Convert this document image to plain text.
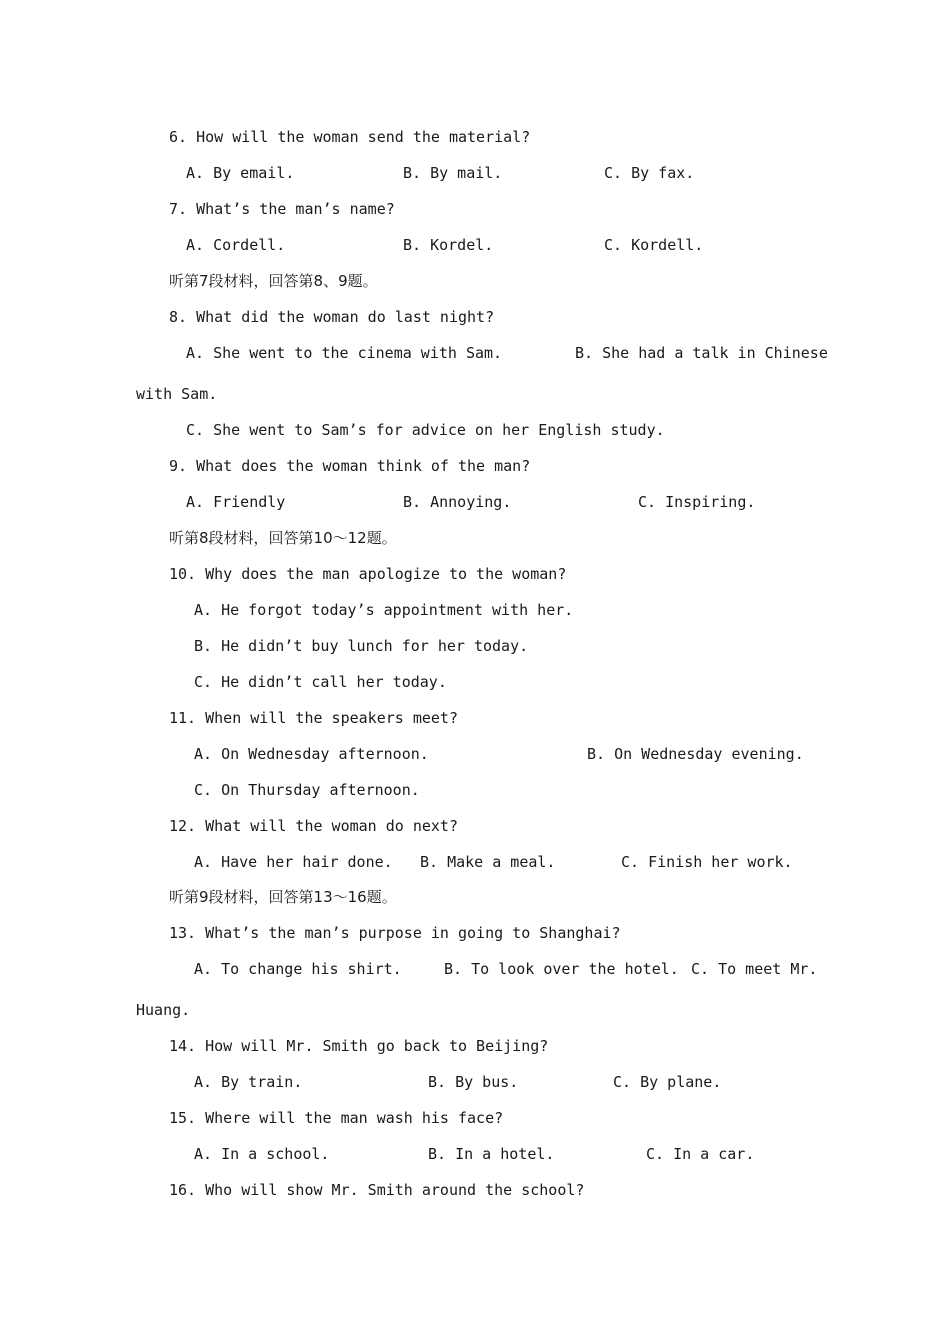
6. How will the woman send the material?

A. By email.	B. By mail.	C. By fax.

7. What’s the man’s name?

A. Cordell.	B. Kordel.	C. Kordell.

听第7段材料，回答第8、9题。

8. What did the woman do last night?

A. She went to the cinema with Sam.	B. She had a talk in Chinese

with Sam.

C. She went to Sam’s for advice on her English study.

9. What does the woman think of the man?

A. Friendly	B. Annoying.	C. Inspiring.

听第8段材料，回答第10～12题。

10. Why does the man apologize to the woman?

A. He forgot today’s appointment with her.

B. He didn’t buy lunch for her today.

C. He didn’t call her today.

11. When will the speakers meet?

A. On Wednesday afternoon.	B. On Wednesday evening.

C. On Thursday afternoon.

12. What will the woman do next?

A. Have her hair done. B. Make a meal.	C. Finish her work.

听第9段材料，回答第13～16题。

13. What’s the man’s purpose in going to Shanghai?

A. To change his shirt.	B. To look over the hotel. C. To meet Mr.

Huang.

14. How will Mr. Smith go back to Beijing?

A. By train.	B. By bus.	C. By plane.

15. Where will the man wash his face?

A. In a school.	B. In a hotel.	C. In a car.

16. Who will show Mr. Smith around the school?
